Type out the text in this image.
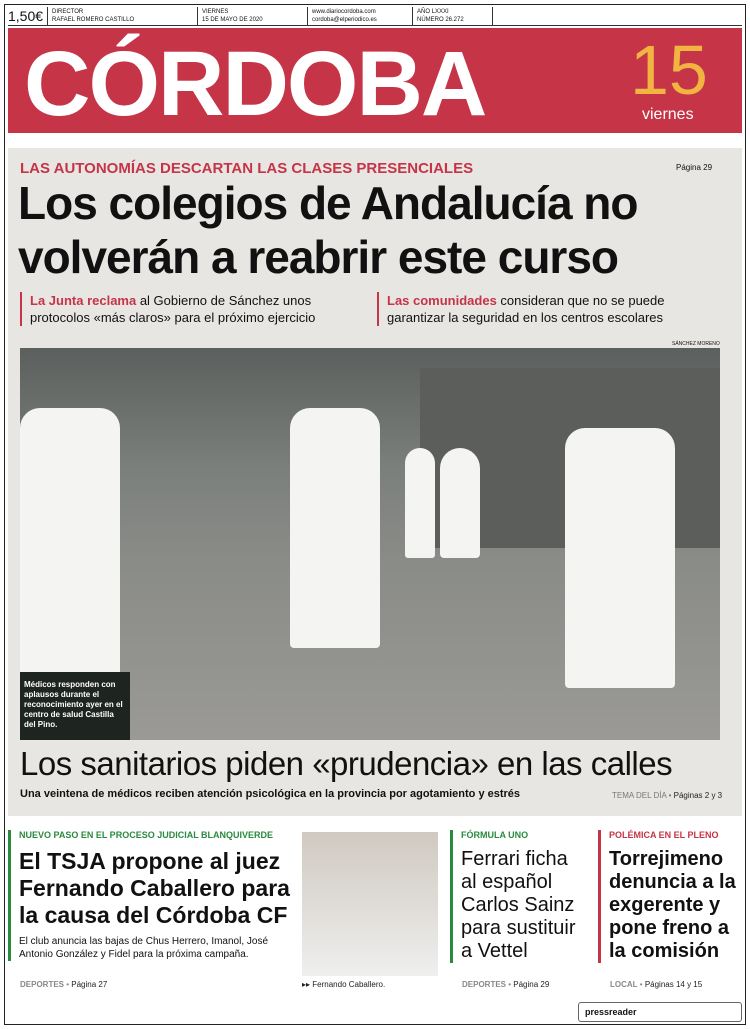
1,50€	DIRECTOR
RAFAEL ROMERO CASTILLO
VIERNES
15 DE MAYO DE 2020
www.diariocordoba.com
cordoba@elperiodico.es
AÑO LXXXI
NÚMERO 26.272
CÓRDOBA 15
viernes
LAS AUTONOMÍAS DESCARTAN LAS CLASES PRESENCIALES	Página 29
Los colegios de Andalucía no volverán a reabrir este curso
La Junta reclama al Gobierno de Sánchez unos protocolos «más claros» para el próximo ejercicio
Las comunidades consideran que no se puede garantizar la seguridad en los centros escolares
SÁNCHEZ MORENO
Médicos responden con aplausos durante el reconocimiento ayer en el centro de salud Castilla del Pino.
Los sanitarios piden «prudencia» en las calles
Una veintena de médicos reciben atención psicológica en la provincia por agotamiento y estrés	TEMA DEL DÍA • Páginas 2 y 3
NUEVO PASO EN EL PROCESO JUDICIAL BLANQUIVERDE
El TSJA propone al juez Fernando Caballero para la causa del Córdoba CF
El club anuncia las bajas de Chus Herrero, Imanol, José Antonio González y Fidel para la próxima campaña.
DEPORTES • Página 27	▸▸ Fernando Caballero.
FÓRMULA UNO
Ferrari ficha al español Carlos Sainz para sustituir a Vettel
DEPORTES • Página 29
POLÉMICA EN EL PLENO
Torrejimeno denuncia a la exgerente y pone freno a la comisión
LOCAL • Páginas 14 y 15
pressreader
